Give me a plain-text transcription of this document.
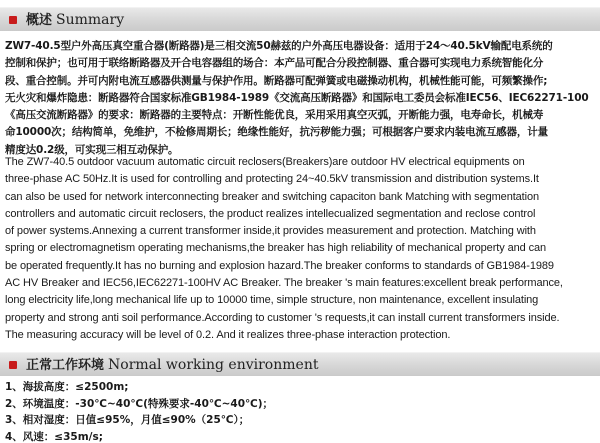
概述 Summary
ZW7-40.5型户外高压真空重合器(断路器)是三相交流50赫兹的户外高压电器设备：适用于24～40.5kV输配电系统的
控制和保护；也可用于联络断路器及开合电容器组的场合：本产品可配合分段控制器、重合器可实现电力系统智能化分
段、重合控制。并可内附电流互感器供测量与保护作用。断路器可配弹簧或电磁操动机构，机械性能可能，可频繁操作;
无火灾和爆炸隐患：断路器符合国家标准GB1984-1989《交流高压断路器》和国际电工委员会标准IEC56、IEC62271-100
《高压交流断路器》的要求：断路器的主要特点：开断性能优良，采用采用真空灭弧，开断能力强，电寿命长，机械寿
命10000次；结构简单，免维护，不检修周期长；绝缘性能好，抗污秽能力强；可根据客户要求内装电流互感器，计量
精度达0.2级，可实现三相互动保护。
The ZW7-40.5 outdoor vacuum automatic circuit reclosers(Breakers)are outdoor HV electrical equipments on
three-phase AC 50Hz.It is used for controlling and protecting 24~40.5kV transmission and distribution systems.It
can also be used for network interconnecting breaker and switching capaciton bank Matching with segmentation
controllers and automatic circuit reclosers, the product realizes intellecualized segmentation and reclose control
of power systems.Annexing a current transformer inside,it provides measurement and protection. Matching with
spring or electromagnetism operating mechanisms,the breaker has high reliability of mechanical property and can
be operated frequently.It has no burning and explosion hazard.The breaker conforms to standards of GB1984-1989
AC HV Breaker and IEC56,IEC62271-100HV AC Breaker. The breaker 's main features:excellent break performance,
long electricity life,long mechanical life up to 10000 time, simple structure, non maintenance, excellent insulating
property and strong anti soil performance.According to customer 's requests,it can install current transformers inside.
The measuring accuracy will be level of 0.2. And it realizes three-phase interaction protection.
正常工作环境 Normal working environment
1、海拔高度：≤2500m;
2、环境温度：-30℃~40℃(特殊要求-40℃~40℃)；
3、相对湿度：日值≤95%，月值≤90%（25℃）；
4、风速：≤35m/s;
